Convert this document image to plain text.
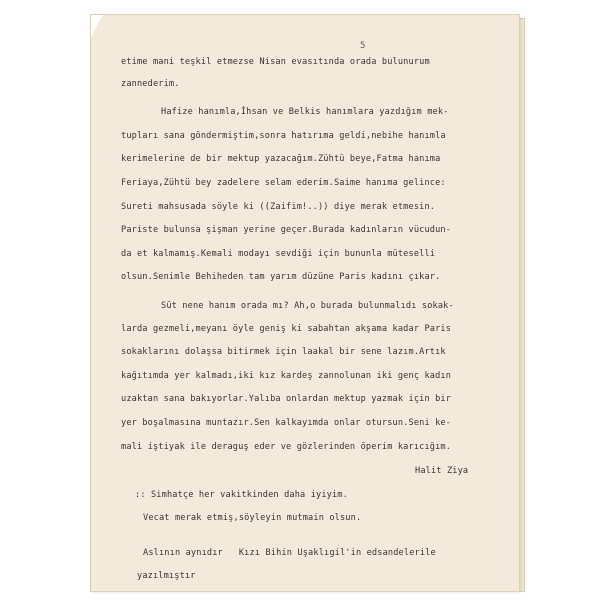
5
etime mani teşkil etmezse Nisan evasıtında orada bulunurum
zannederim.
Hafize hanımla,İhsan ve Belkis hanımlara yazdığım mek-
tupları sana göndermiştim,sonra hatırıma geldi,nebihe hanımla
kerimelerine de bir mektup yazacağım.Zühtü beye,Fatma hanıma
Feriaya,Zühtü bey zadelere selam ederim.Saime hanıma gelince:
Sureti mahsusada söyle ki ((Zaifim!..)) diye merak etmesin.
Pariste bulunsa şişman yerine geçer.Burada kadınların vücudun-
da et kalmamış.Kemali modayı sevdiği için bununla müteselli
olsun.Senimle Behiheden tam yarım düzüne Paris kadını çıkar.
Süt nene hanım orada mı? Ah,o burada bulunmalıdı sokak-
larda gezmeli,meyanı öyle geniş ki sabahtan akşama kadar Paris
sokaklarını dolaşsa bitirmek için laakal bir sene lazım.Artık
kağıtımda yer kalmadı,iki kız kardeş zannolunan iki genç kadın
uzaktan sana bakıyorlar.Yalıba onlardan mektup yazmak için bir
yer boşalmasına muntazır.Sen kalkayımda onlar otursun.Seni ke-
mali iştiyak ile deraguş eder ve gözlerinden öperim karıcığım.
Halit Ziya
:: Simhatçe her vakitkinden daha iyiyim.
Vecat merak etmiş,söyleyin mutmain olsun.
Aslının aynıdır   Kızı Bihin Uşaklıgil'in edsandelerile
yazılmıştır
